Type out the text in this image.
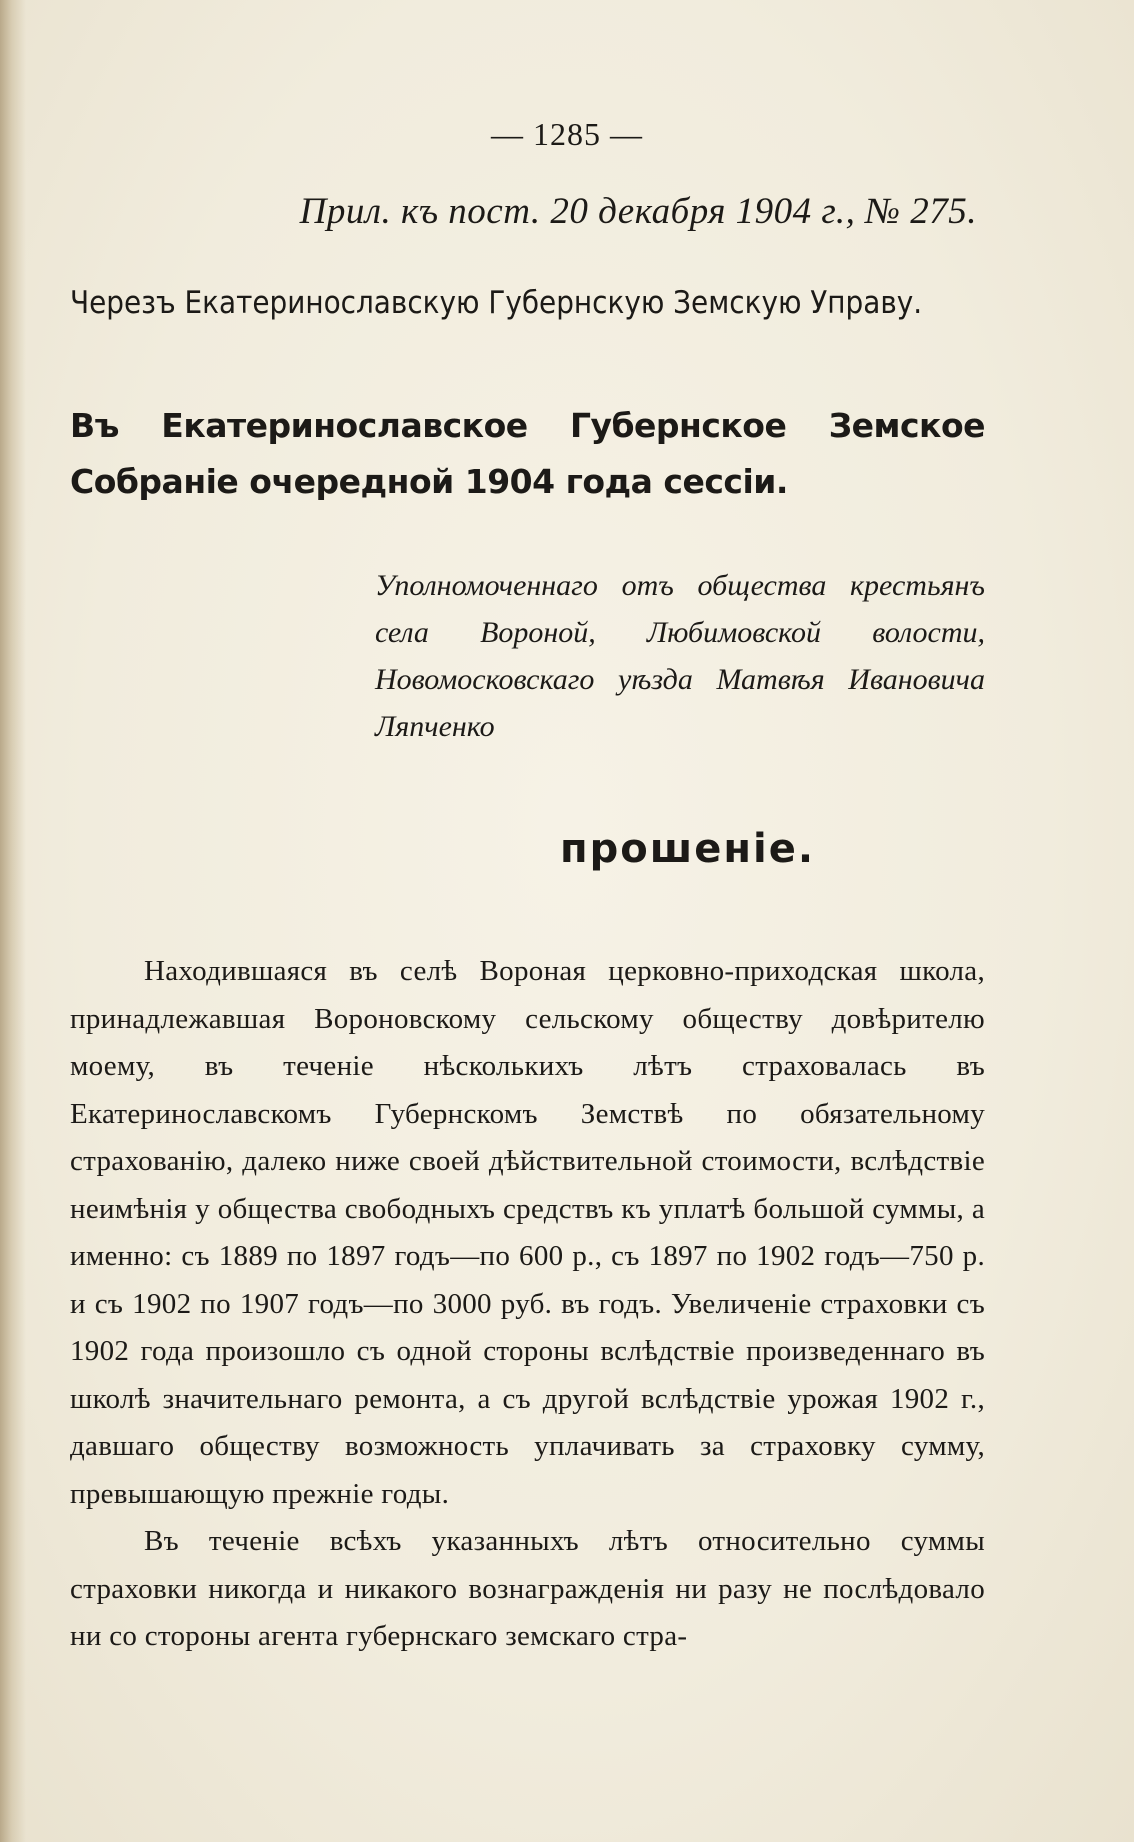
— 1285 —
Прил. къ пост. 20 декабря 1904 г., № 275.
Черезъ Екатеринославскую Губернскую Земскую Управу.
Въ Екатеринославское Губернское Земское Собраніе очередной 1904 года сессіи.
Уполномоченнаго отъ общества крестьянъ села Вороной, Любимовской волости, Новомосковскаго уѣзда Матвѣя Ивановича Ляпченко
прошеніе.

Находившаяся въ селѣ Вороная церковно-приходская школа, принадлежавшая Вороновскому сельскому обществу довѣрителю моему, въ теченіе нѣсколькихъ лѣтъ страховалась въ Екатеринославскомъ Губернскомъ Земствѣ по обязательному страхованію, далеко ниже своей дѣйствительной стоимости, вслѣдствіе неимѣнія у общества свободныхъ средствъ къ уплатѣ большой суммы, а именно: съ 1889 по 1897 годъ—по 600 р., съ 1897 по 1902 годъ—750 р. и съ 1902 по 1907 годъ—по 3000 руб. въ годъ. Увеличеніе страховки съ 1902 года произошло съ одной стороны вслѣдствіе произведеннаго въ школѣ значительнаго ремонта, а съ другой вслѣдствіе урожая 1902 г., давшаго обществу возможность уплачивать за страховку сумму, превышающую прежніе годы.

Въ теченіе всѣхъ указанныхъ лѣтъ относительно суммы страховки никогда и никакого вознагражденія ни разу не послѣдовало ни со стороны агента губернскаго земскаго стра-
